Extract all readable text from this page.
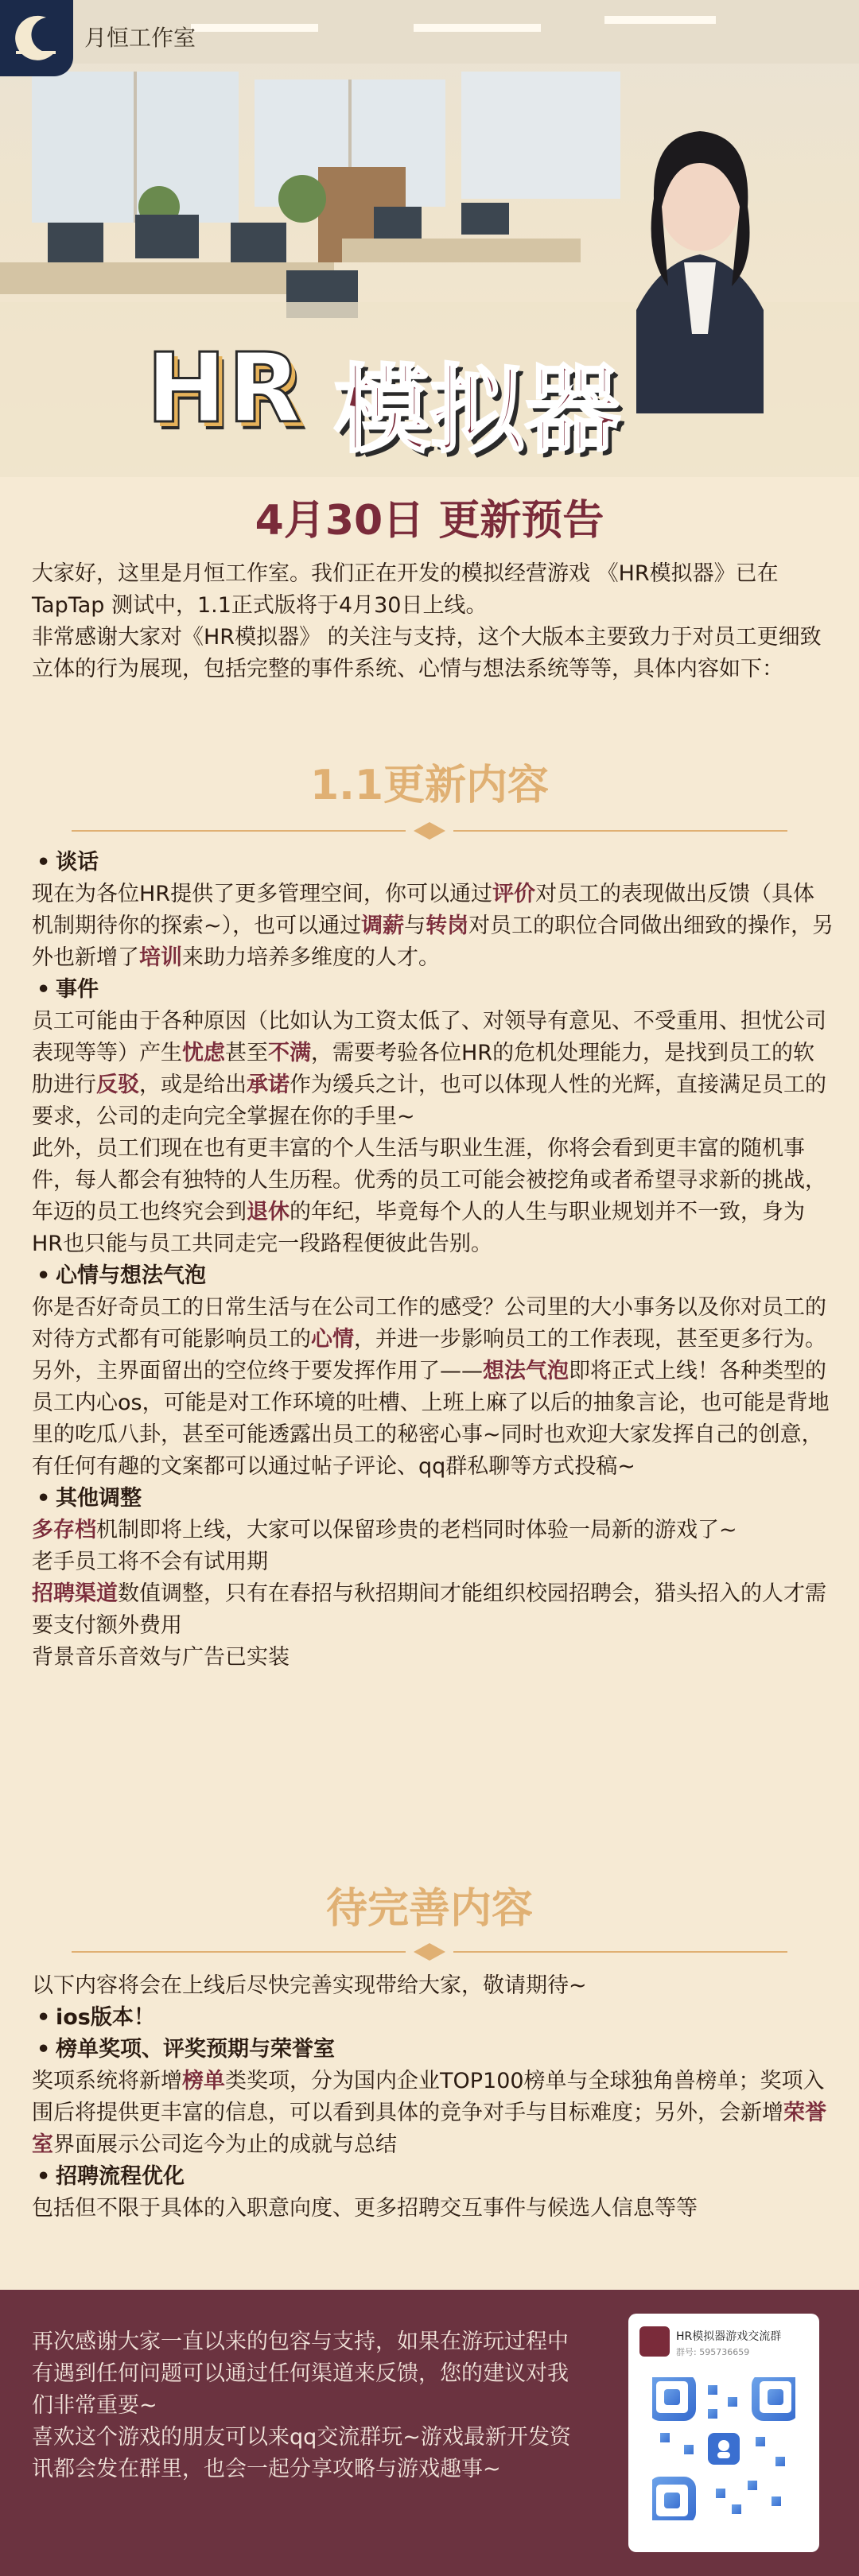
月恒工作室
HR 模拟器
4月30日 更新预告

大家好，这里是月恒工作室。我们正在开发的模拟经营游戏 《HR模拟器》已在 TapTap 测试中，1.1正式版将于4月30日上线。

非常感谢大家对《HR模拟器》 的关注与支持，这个大版本主要致力于对员工更细致立体的行为展现，包括完整的事件系统、心情与想法系统等等，具体内容如下：

1.1更新内容

• 谈话

现在为各位HR提供了更多管理空间，你可以通过评价对员工的表现做出反馈（具体机制期待你的探索~），也可以通过调薪与转岗对员工的职位合同做出细致的操作，另外也新增了培训来助力培养多维度的人才。

• 事件

员工可能由于各种原因（比如认为工资太低了、对领导有意见、不受重用、担忧公司表现等等）产生忧虑甚至不满，需要考验各位HR的危机处理能力，是找到员工的软肋进行反驳，或是给出承诺作为缓兵之计，也可以体现人性的光辉，直接满足员工的要求，公司的走向完全掌握在你的手里~

此外，员工们现在也有更丰富的个人生活与职业生涯，你将会看到更丰富的随机事件，每人都会有独特的人生历程。优秀的员工可能会被挖角或者希望寻求新的挑战，年迈的员工也终究会到退休的年纪，毕竟每个人的人生与职业规划并不一致，身为HR也只能与员工共同走完一段路程便彼此告别。

• 心情与想法气泡

你是否好奇员工的日常生活与在公司工作的感受？公司里的大小事务以及你对员工的对待方式都有可能影响员工的心情，并进一步影响员工的工作表现，甚至更多行为。

另外，主界面留出的空位终于要发挥作用了——想法气泡即将正式上线！各种类型的员工内心os，可能是对工作环境的吐槽、上班上麻了以后的抽象言论，也可能是背地里的吃瓜八卦，甚至可能透露出员工的秘密心事~同时也欢迎大家发挥自己的创意，有任何有趣的文案都可以通过帖子评论、qq群私聊等方式投稿~

• 其他调整

多存档机制即将上线，大家可以保留珍贵的老档同时体验一局新的游戏了~

老手员工将不会有试用期

招聘渠道数值调整，只有在春招与秋招期间才能组织校园招聘会，猎头招入的人才需要支付额外费用

背景音乐音效与广告已实装

待完善内容

以下内容将会在上线后尽快完善实现带给大家，敬请期待~

• ios版本！

• 榜单奖项、评奖预期与荣誉室

奖项系统将新增榜单类奖项，分为国内企业TOP100榜单与全球独角兽榜单；奖项入围后将提供更丰富的信息，可以看到具体的竞争对手与目标难度；另外，会新增荣誉室界面展示公司迄今为止的成就与总结

• 招聘流程优化

包括但不限于具体的入职意向度、更多招聘交互事件与候选人信息等等

再次感谢大家一直以来的包容与支持，如果在游玩过程中有遇到任何问题可以通过任何渠道来反馈，您的建议对我们非常重要~

喜欢这个游戏的朋友可以来qq交流群玩~游戏最新开发资讯都会发在群里，也会一起分享攻略与游戏趣事~

HR模拟器游戏交流群
群号: 595736659
